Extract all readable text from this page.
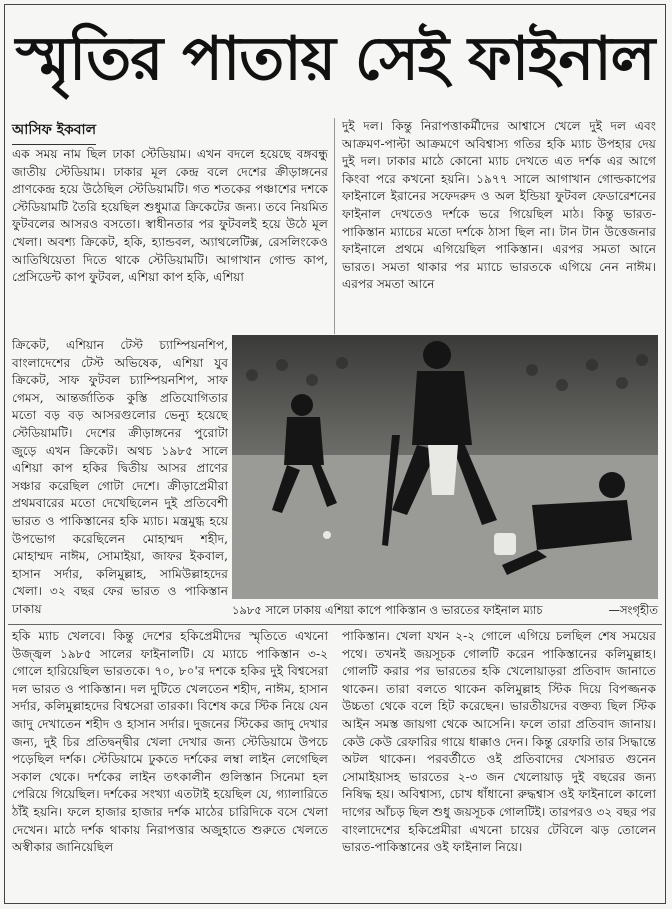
স্মৃতির পাতায় সেই ফাইনাল
আসিফ ইকবাল

এক সময় নাম ছিল ঢাকা স্টেডিয়াম। এখন বদলে হয়েছে বঙ্গবন্ধু জাতীয় স্টেডিয়াম। ঢাকার মূল কেন্দ্র বলে দেশের ক্রীড়াঙ্গনের প্রাণকেন্দ্র হয়ে উঠেছিল স্টেডিয়ামটি। গত শতকের পঞ্চাশের দশকে স্টেডিয়ামটি তৈরি হয়েছিল শুধুমাত্র ক্রিকেটের জন্য। তবে নিয়মিত ফুটবলের আসরও বসতো। স্বাধীনতার পর ফুটবলই হয়ে উঠে মূল খেলা। অবশ্য ক্রিকেট, হকি, হ্যান্ডবল, অ্যাথলেটিক্স, রেসলিংকেও আতিথিয়েতা দিতে থাকে স্টেডিয়ামটি। আগাখান গোল্ড কাপ, প্রেসিডেন্ট কাপ ফুটবল, এশিয়া কাপ হকি, এশিয়া

ক্রিকেট, এশিয়ান টেস্ট চ্যাম্পিয়নশিপ, বাংলাদেশের টেস্ট অভিষেক, এশিয়া যুব ক্রিকেট, সাফ ফুটবল চ্যাম্পিয়নশিপ, সাফ গেমস, আন্তর্জাতিক কুস্তি প্রতিযোগিতার মতো বড় বড় আসরগুলোর ভেন্যু হয়েছে স্টেডিয়ামটি। দেশের ক্রীড়াঙ্গনের পুরোটা জুড়ে এখন ক্রিকেট। অথচ ১৯৮৫ সালে এশিয়া কাপ হকির দ্বিতীয় আসর প্রাণের সঞ্চার করেছিল গোটা দেশে। ক্রীড়াপ্রেমীরা প্রথমবারের মতো দেখেছিলেন দুই প্রতিবেশী ভারত ও পাকিস্তানের হকি ম্যাচ। মন্ত্রমুগ্ধ হয়ে উপভোগ করেছিলেন মোহাম্মদ শহীদ, মোহাম্মদ নাঈম, সোমাইয়া, জাফর ইকবাল, হাসান সর্দার, কলিমুল্লাহ, সামিউল্লাহদের খেলা। ৩২ বছর ফের ভারত ও পাকিস্তান ঢাকায়

দুই দল। কিন্তু নিরাপত্তাকর্মীদের আশ্বাসে খেলে দুই দল এবং আক্রমণ-পাল্টা আক্রমণে অবিশ্বাস্য গতির হকি ম্যাচ উপহার দেয় দুই দল। ঢাকার মাঠে কোনো ম্যাচ দেখতে এত দর্শক এর আগে কিংবা পরে কখনো হয়নি। ১৯৭৭ সালে আগাখান গোল্ডকাপের ফাইনালে ইরানের সফেদরুদ ও অল ইন্ডিয়া ফুটবল ফেডারেশনের ফাইনাল দেখতেও দর্শকে ভরে গিয়েছিল মাঠ। কিন্তু ভারত-পাকিস্তান ম্যাচের মতো দর্শকে ঠাসা ছিল না। টান টান উত্তেজনার ফাইনালে প্রথমে এগিয়েছিল পাকিস্তান। এরপর সমতা আনে ভারত। সমতা থাকার পর ম্যাচে ভারতকে এগিয়ে নেন নাঈম। এরপর সমতা আনে

১৯৮৫ সালে ঢাকায় এশিয়া কাপে পাকিস্তান ও ভারতের ফাইনাল ম্যাচ	—সংগৃহীত

হকি ম্যাচ খেলবে। কিন্তু দেশের হকিপ্রেমীদের স্মৃতিতে এখনো উজ্জ্বল ১৯৮৫ সালের ফাইনালটি। যে ম্যাচে পাকিস্তান ৩-২ গোলে হারিয়েছিল ভারতকে। ৭০, ৮০'র দশকে হকির দুই বিশ্বসেরা দল ভারত ও পাকিস্তান। দল দুটিতে খেলতেন শহীদ, নাঈম, হাসান সর্দার, কলিমুল্লাহদের বিশ্বসেরা তারকা। বিশেষ করে স্টিক নিয়ে যেন জাদু দেখাতেন শহীদ ও হাসান সর্দার। দুজনের স্টিকের জাদু দেখার জন্য, দুই চির প্রতিদ্বন্দ্বীর খেলা দেখার জন্য স্টেডিয়ামে উপচে পড়েছিল দর্শক। স্টেডিয়ামে ঢুকতে দর্শকের লম্বা লাইন লেগেছিল সকাল থেকে। দর্শকের লাইন তৎকালীন গুলিস্তান সিনেমা হল পেরিয়ে গিয়েছিল। দর্শকের সংখ্যা এতটাই হয়েছিল যে, গ্যালারিতে ঠাঁই হয়নি। ফলে হাজার হাজার দর্শক মাঠের চারিদিকে বসে খেলা দেখেন। মাঠে দর্শক থাকায় নিরাপত্তার অজুহাতে শুরুতে খেলতে অস্বীকার জানিয়েছিল

পাকিস্তান। খেলা যখন ২-২ গোলে এগিয়ে চলছিল শেষ সময়ের পথে। তখনই জয়সূচক গোলটি করেন পাকিস্তানের কলিমুল্লাহ। গোলটি করার পর ভারতের হকি খেলোয়াড়রা প্রতিবাদ জানাতে থাকেন। তারা বলতে থাকেন কলিমুল্লাহ স্টিক দিয়ে বিপজ্জনক উচ্চতা থেকে বলে হিট করেছেন। ভারতীয়দের বক্তব্য ছিল স্টিক আইন সমস্ত জায়গা থেকে আসেনি। ফলে তারা প্রতিবাদ জানায়। কেউ কেউ রেফারির গায়ে ধাক্কাও দেন। কিন্তু রেফারি তার সিদ্ধান্তে অটল থাকেন। পরবর্তীতে ওই প্রতিবাদের খেসারত গুনেন সোমাইয়াসহ ভারতের ২-৩ জন খেলোয়াড় দুই বছরের জন্য নিষিদ্ধ হয়। অবিশ্বাস্য, চোখ ধাঁধানো রুদ্ধশ্বাস ওই ফাইনালে কালো দাগের আঁচড় ছিল শুধু জয়সূচক গোলটিই। তারপরও ৩২ বছর পর বাংলাদেশের হকিপ্রেমীরা এখনো চায়ের টেবিলে ঝড় তোলেন ভারত-পাকিস্তানের ওই ফাইনাল নিয়ে।
